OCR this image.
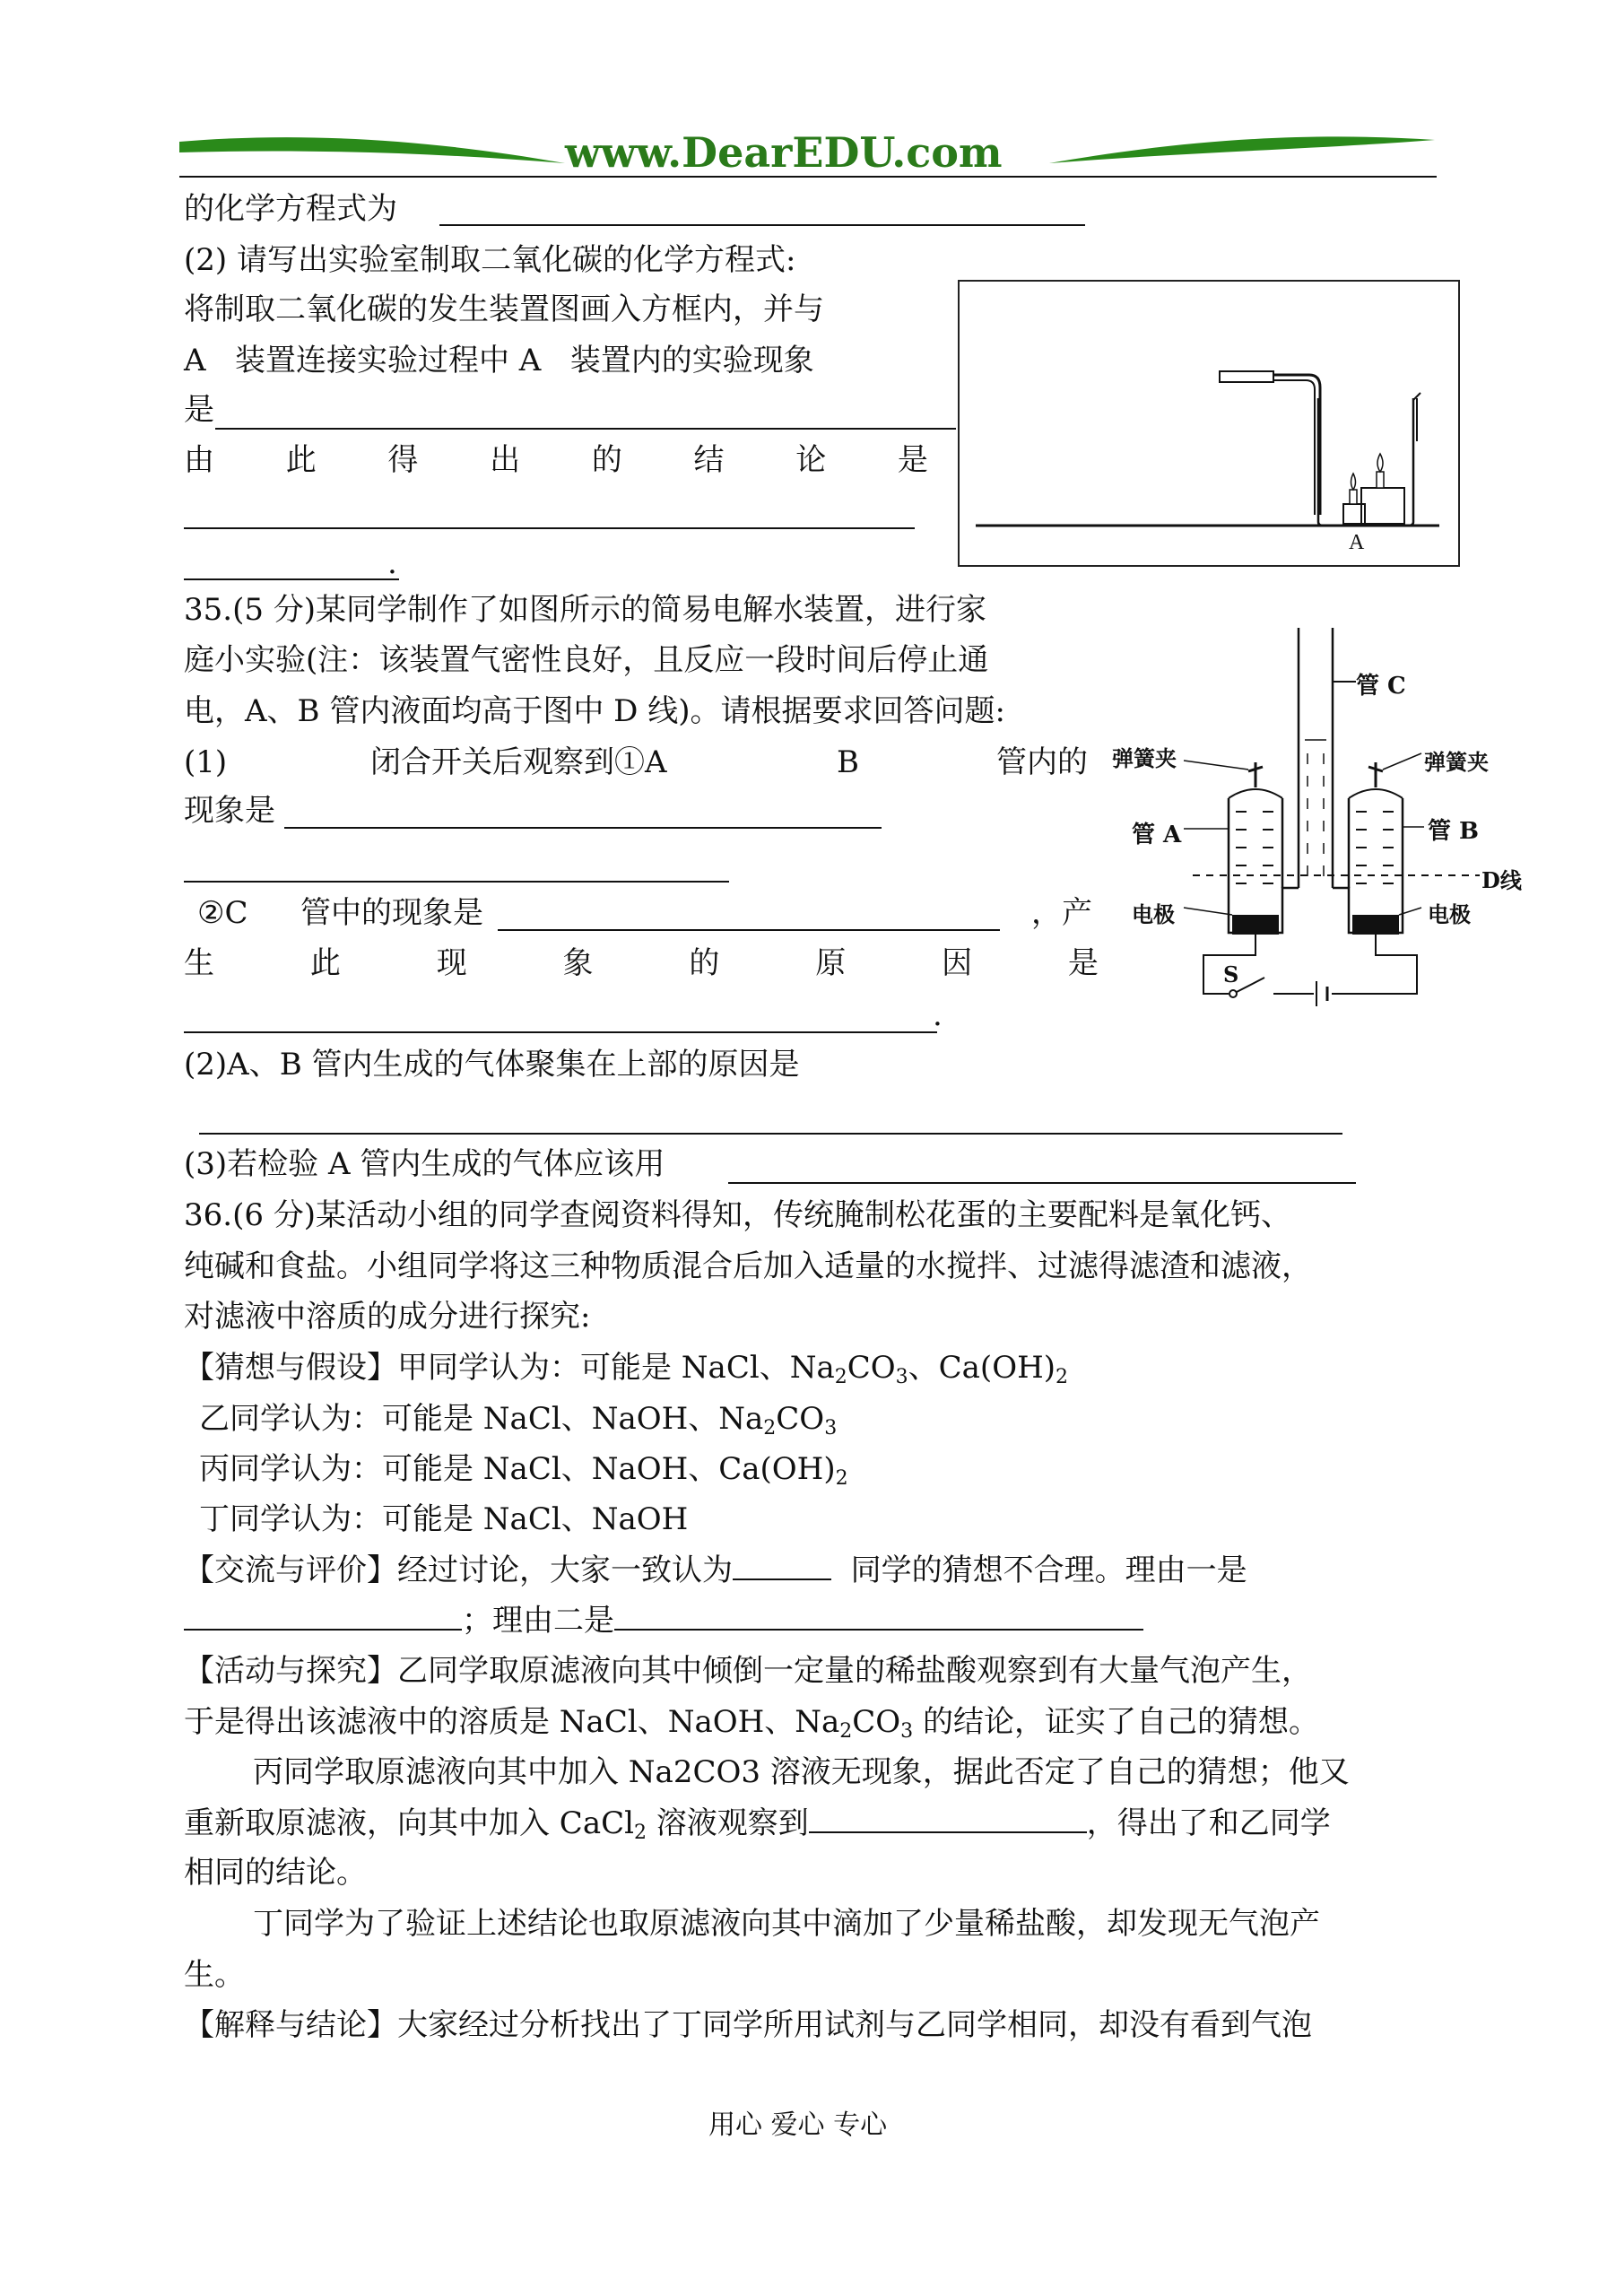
www.DearEDU.com
的化学方程式为
(2) 请写出实验室制取二氧化碳的化学方程式:
将制取二氧化碳的发生装置图画入方框内，并与
A 装置连接实验过程中 A 装置内的实验现象
是
由 此 得 出 的 结 论 是
.
A
35.(5 分)某同学制作了如图所示的简易电解水装置，进行家
庭小实验(注：该装置气密性良好，且反应一段时间后停止通
电，A、B 管内液面均高于图中 D 线)。请根据要求回答问题:
(1)	闭合开关后观察到①A	B	管内的
现象是
②C 管中的现象是	，产
生	此	现	象	的	原	因	是
.
(2)A、B 管内生成的气体聚集在上部的原因是
(3)若检验 A 管内生成的气体应该用
管 C
弹簧夹	弹簧夹
管 A	管 B
D线
电极	电极
S
36.(6 分)某活动小组的同学查阅资料得知，传统腌制松花蛋的主要配料是氧化钙、
纯碱和食盐。小组同学将这三种物质混合后加入适量的水搅拌、过滤得滤渣和滤液，
对滤液中溶质的成分进行探究:
【猜想与假设】甲同学认为：可能是 NaCl、$Na_2CO_3$、$Ca(OH)_2$
乙同学认为：可能是 NaCl、NaOH、$Na_2CO_3$
丙同学认为：可能是 NaCl、NaOH、$Ca(OH)_2$
丁同学认为：可能是 NaCl、NaOH
【交流与评价】经过讨论，大家一致认为	同学的猜想不合理。理由一是
；理由二是
【活动与探究】乙同学取原滤液向其中倾倒一定量的稀盐酸观察到有大量气泡产生，
于是得出该滤液中的溶质是 NaCl、NaOH、$Na_2CO_3$ 的结论，证实了自己的猜想。
丙同学取原滤液向其中加入 Na2CO3 溶液无现象，据此否定了自己的猜想；他又
重新取原滤液，向其中加入 CaCl$_2$ 溶液观察到	，得出了和乙同学
相同的结论。
丁同学为了验证上述结论也取原滤液向其中滴加了少量稀盐酸，却发现无气泡产
生。
【解释与结论】大家经过分析找出了丁同学所用试剂与乙同学相同，却没有看到气泡
用心 爱心 专心
